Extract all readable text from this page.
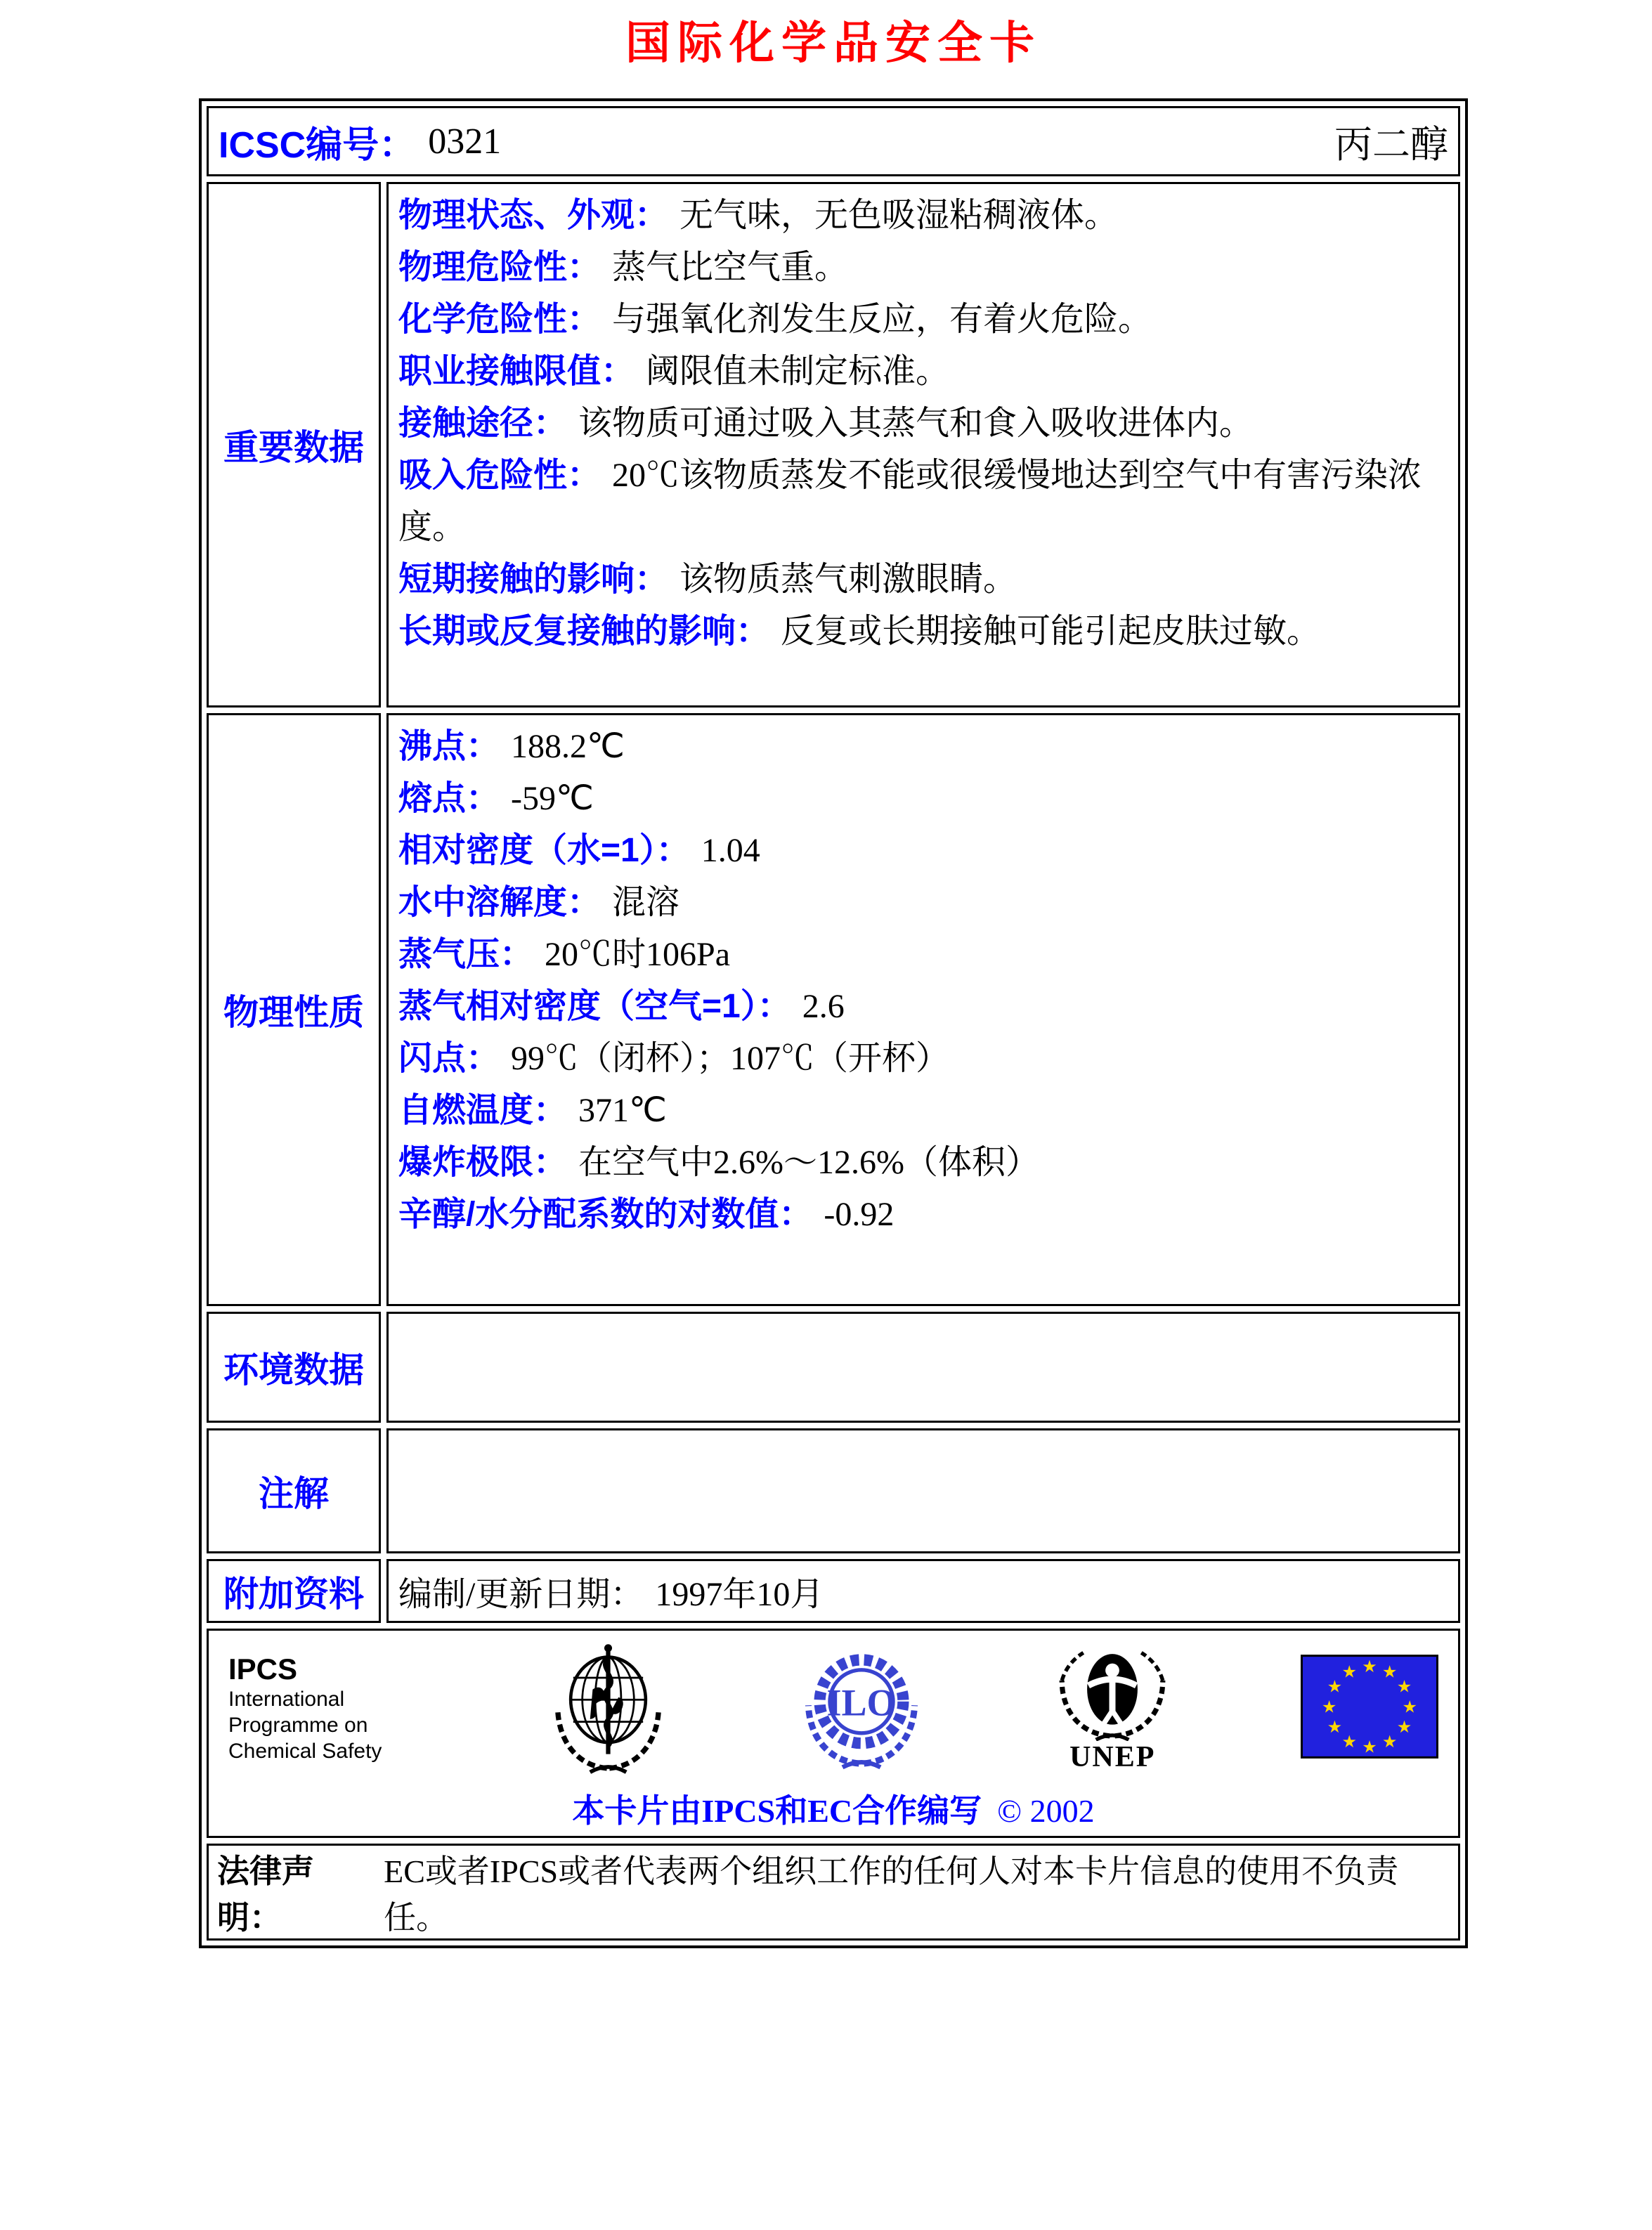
国际化学品安全卡
ICSC编号： 0321	丙二醇
重要数据

物理状态、外观： 无气味，无色吸湿粘稠液体。

物理危险性： 蒸气比空气重。

化学危险性： 与强氧化剂发生反应，有着火危险。

职业接触限值： 阈限值未制定标准。

接触途径： 该物质可通过吸入其蒸气和食入吸收进体内。

吸入危险性： 20℃该物质蒸发不能或很缓慢地达到空气中有害污染浓度。

短期接触的影响： 该物质蒸气刺激眼睛。

长期或反复接触的影响： 反复或长期接触可能引起皮肤过敏。

物理性质

沸点： 188.2℃

熔点： -59℃

相对密度（水=1）： 1.04

水中溶解度： 混溶

蒸气压： 20℃时106Pa

蒸气相对密度（空气=1）： 2.6

闪点： 99℃（闭杯）；107℃（开杯）

自燃温度： 371℃

爆炸极限： 在空气中2.6%～12.6%（体积）

辛醇/水分配系数的对数值： -0.92

环境数据
注解
附加资料 编制/更新日期： 1997年10月

IPCS
International
Programme on
Chemical Safety
ILO
UNEP
★ ★
★
★
★
★
★
★
★
★
★
★
本卡片由IPCS和EC合作编写 © 2002
法律声明：
EC或者IPCS或者代表两个组织工作的任何人对本卡片信息的使用不负责任。
